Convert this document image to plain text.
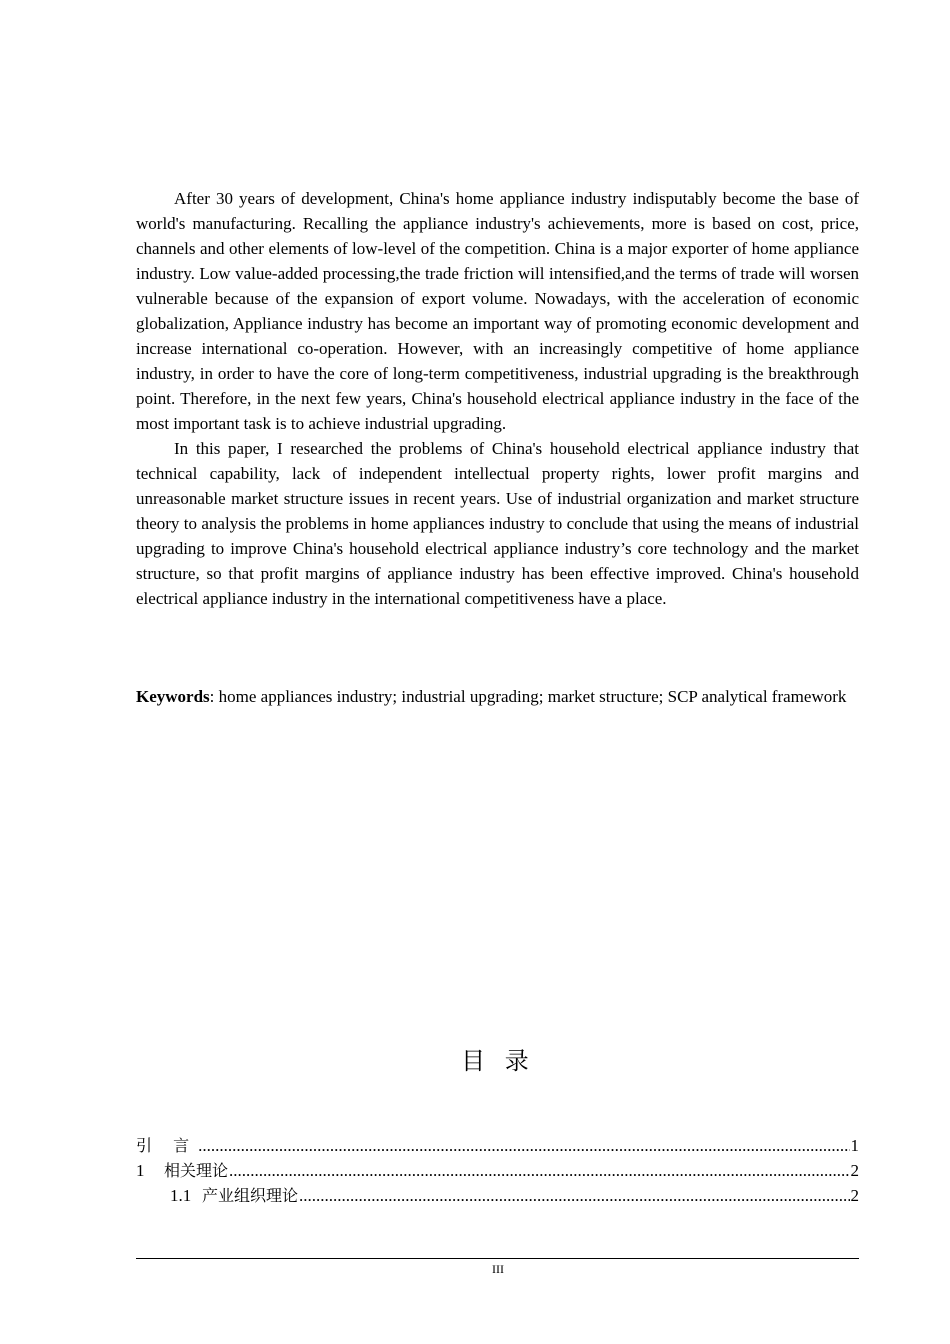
After 30 years of development, China's home appliance industry indisputably become the base of world's manufacturing. Recalling the appliance industry's achievements, more is based on cost, price, channels and other elements of low-level of the competition. China is a major exporter of home appliance industry. Low value-added processing,the trade friction will intensified,and the terms of trade will worsen vulnerable because of the expansion of export volume. Nowadays, with the acceleration of economic globalization, Appliance industry has become an important way of promoting economic development and increase international co-operation. However, with an increasingly competitive of home appliance industry, in order to have the core of long-term competitiveness, industrial upgrading is the breakthrough point. Therefore, in the next few years, China's household electrical appliance industry in the face of the most important task is to achieve industrial upgrading.

In this paper, I researched the problems of China's household electrical appliance industry that technical capability, lack of independent intellectual property rights, lower profit margins and unreasonable market structure issues in recent years. Use of industrial organization and market structure theory to analysis the problems in home appliances industry to conclude that using the means of industrial upgrading to improve China's household electrical appliance industry’s core technology and the market structure, so that profit margins of appliance industry has been effective improved. China's household electrical appliance industry in the international competitiveness have a place.

Keywords: home appliances industry; industrial upgrading; market structure; SCP analytical framework

目 录
引 言 .....	1
1	相关理论 .....	2
1.1 产业组织理论 .....	2
III
